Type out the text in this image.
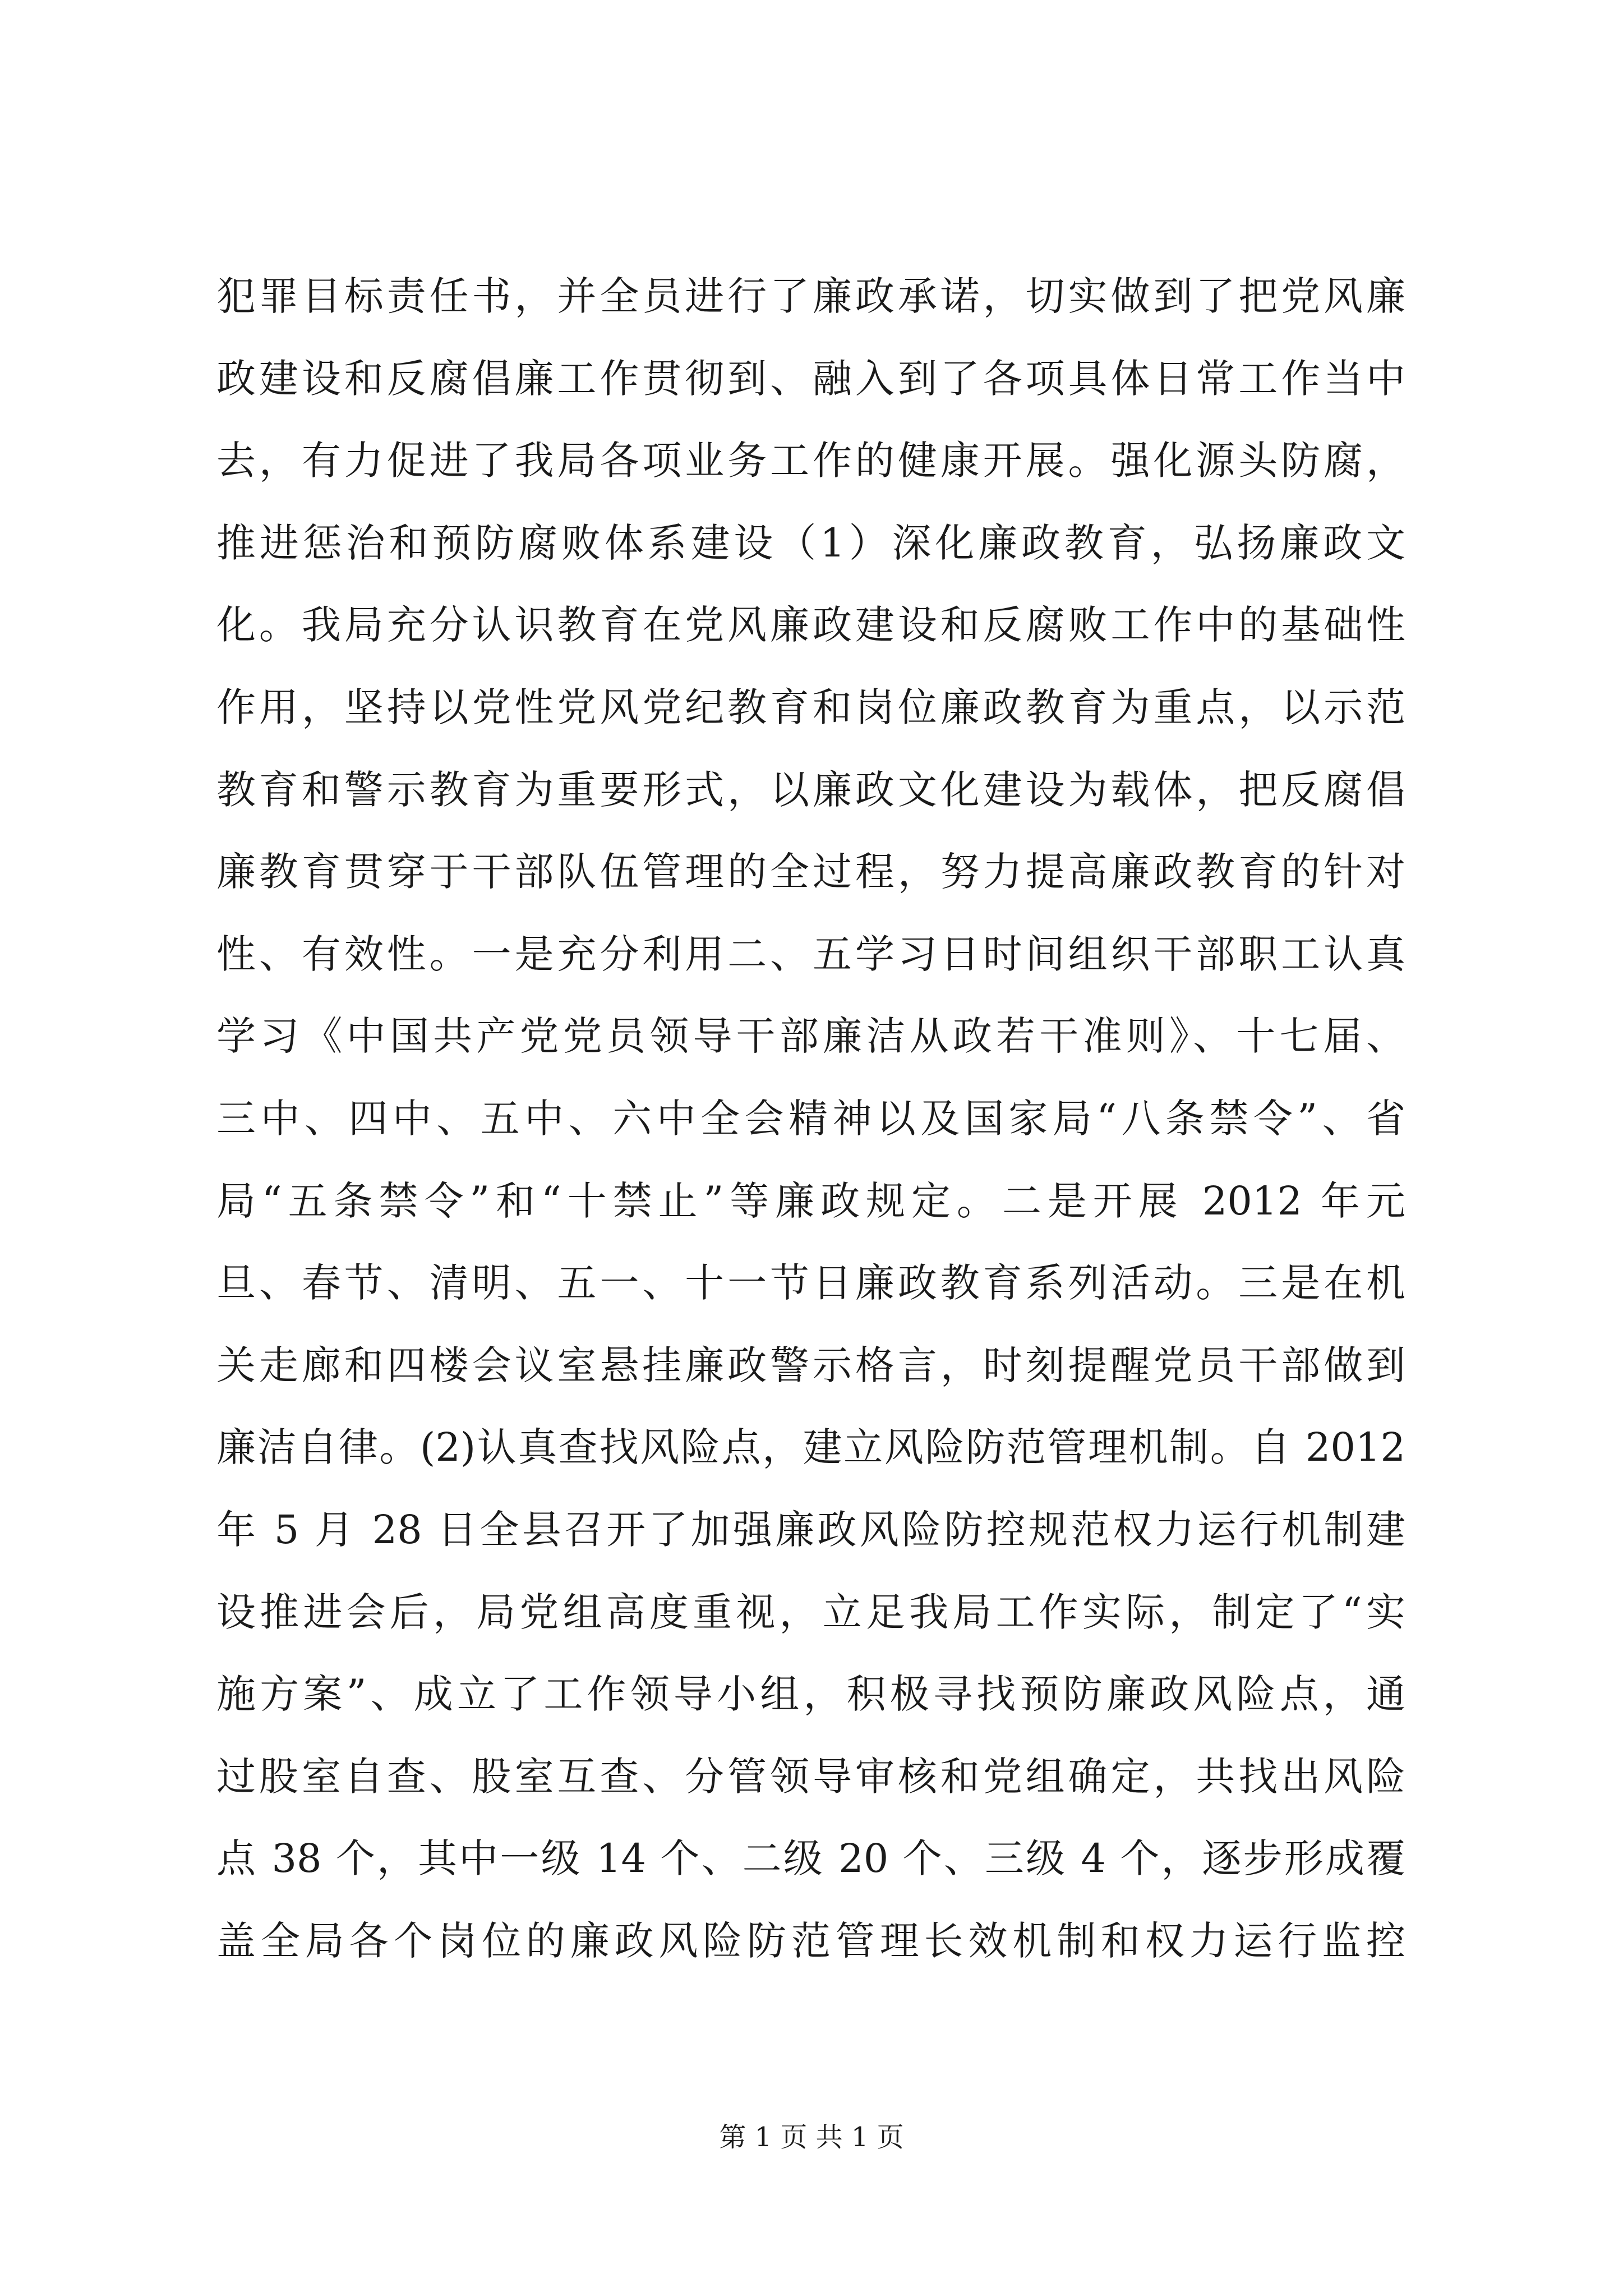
犯罪目标责任书，并全员进行了廉政承诺，切实做到了把党风廉
政建设和反腐倡廉工作贯彻到、融入到了各项具体日常工作当中
去，有力促进了我局各项业务工作的健康开展。强化源头防腐，
推进惩治和预防腐败体系建设（1）深化廉政教育，弘扬廉政文
化。我局充分认识教育在党风廉政建设和反腐败工作中的基础性
作用，坚持以党性党风党纪教育和岗位廉政教育为重点，以示范
教育和警示教育为重要形式，以廉政文化建设为载体，把反腐倡
廉教育贯穿于干部队伍管理的全过程，努力提高廉政教育的针对
性、有效性。一是充分利用二、五学习日时间组织干部职工认真
学习《中国共产党党员领导干部廉洁从政若干准则》、十七届、
三中、四中、五中、六中全会精神以及国家局“八条禁令”、省
局“五条禁令”和“十禁止”等廉政规定。二是开展 2012 年元
旦、春节、清明、五一、十一节日廉政教育系列活动。三是在机
关走廊和四楼会议室悬挂廉政警示格言，时刻提醒党员干部做到
廉洁自律。(2)认真查找风险点，建立风险防范管理机制。自 2012
年 5 月 28 日全县召开了加强廉政风险防控规范权力运行机制建
设推进会后，局党组高度重视，立足我局工作实际，制定了“实
施方案”、成立了工作领导小组，积极寻找预防廉政风险点，通
过股室自查、股室互查、分管领导审核和党组确定，共找出风险
点 38 个，其中一级 14 个、二级 20 个、三级 4 个，逐步形成覆
盖全局各个岗位的廉政风险防范管理长效机制和权力运行监控
第 1 页 共 1 页
